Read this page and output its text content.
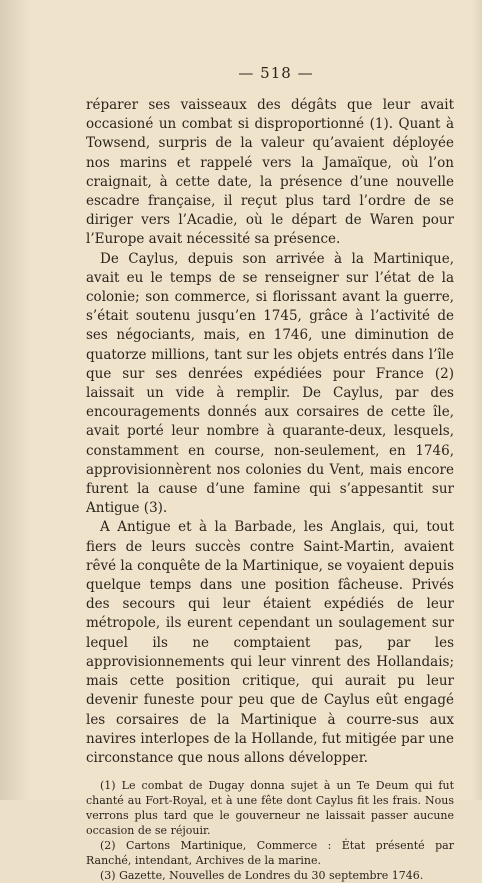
— 518 —

réparer ses vaisseaux des dégâts que leur avait occasioné un combat si disproportionné (1). Quant à Towsend, surpris de la valeur qu’avaient déployée nos marins et rappelé vers la Jamaïque, où l’on craignait, à cette date, la présence d’une nouvelle escadre française, il reçut plus tard l’ordre de se diriger vers l’Acadie, où le départ de Waren pour l’Europe avait nécessité sa présence.

De Caylus, depuis son arrivée à la Martinique, avait eu le temps de se renseigner sur l’état de la colonie; son commerce, si florissant avant la guerre, s’était soutenu jusqu’en 1745, grâce à l’activité de ses négociants, mais, en 1746, une diminution de quatorze millions, tant sur les objets entrés dans l’île que sur ses denrées expédiées pour France (2) laissait un vide à remplir. De Caylus, par des encouragements donnés aux corsaires de cette île, avait porté leur nombre à quarante-deux, lesquels, constamment en course, non-seulement, en 1746, approvisionnèrent nos colonies du Vent, mais encore furent la cause d’une famine qui s’appesantit sur Antigue (3).

A Antigue et à la Barbade, les Anglais, qui, tout fiers de leurs succès contre Saint-Martin, avaient rêvé la conquête de la Martinique, se voyaient depuis quelque temps dans une position fâcheuse. Privés des secours qui leur étaient expédiés de leur métropole, ils eurent cependant un soulagement sur lequel ils ne comptaient pas, par les approvisionnements qui leur vinrent des Hollandais; mais cette position critique, qui aurait pu leur devenir funeste pour peu que de Caylus eût engagé les corsaires de la Martinique à courre-sus aux navires interlopes de la Hollande, fut mitigée par une circonstance que nous allons développer.

(1) Le combat de Dugay donna sujet à un Te Deum qui fut chanté au Fort-Royal, et à une fête dont Caylus fit les frais. Nous verrons plus tard que le gouverneur ne laissait passer aucune occasion de se réjouir.

(2) Cartons Martinique, Commerce : État présenté par Ranché, intendant, Archives de la marine.

(3) Gazette, Nouvelles de Londres du 30 septembre 1746.
